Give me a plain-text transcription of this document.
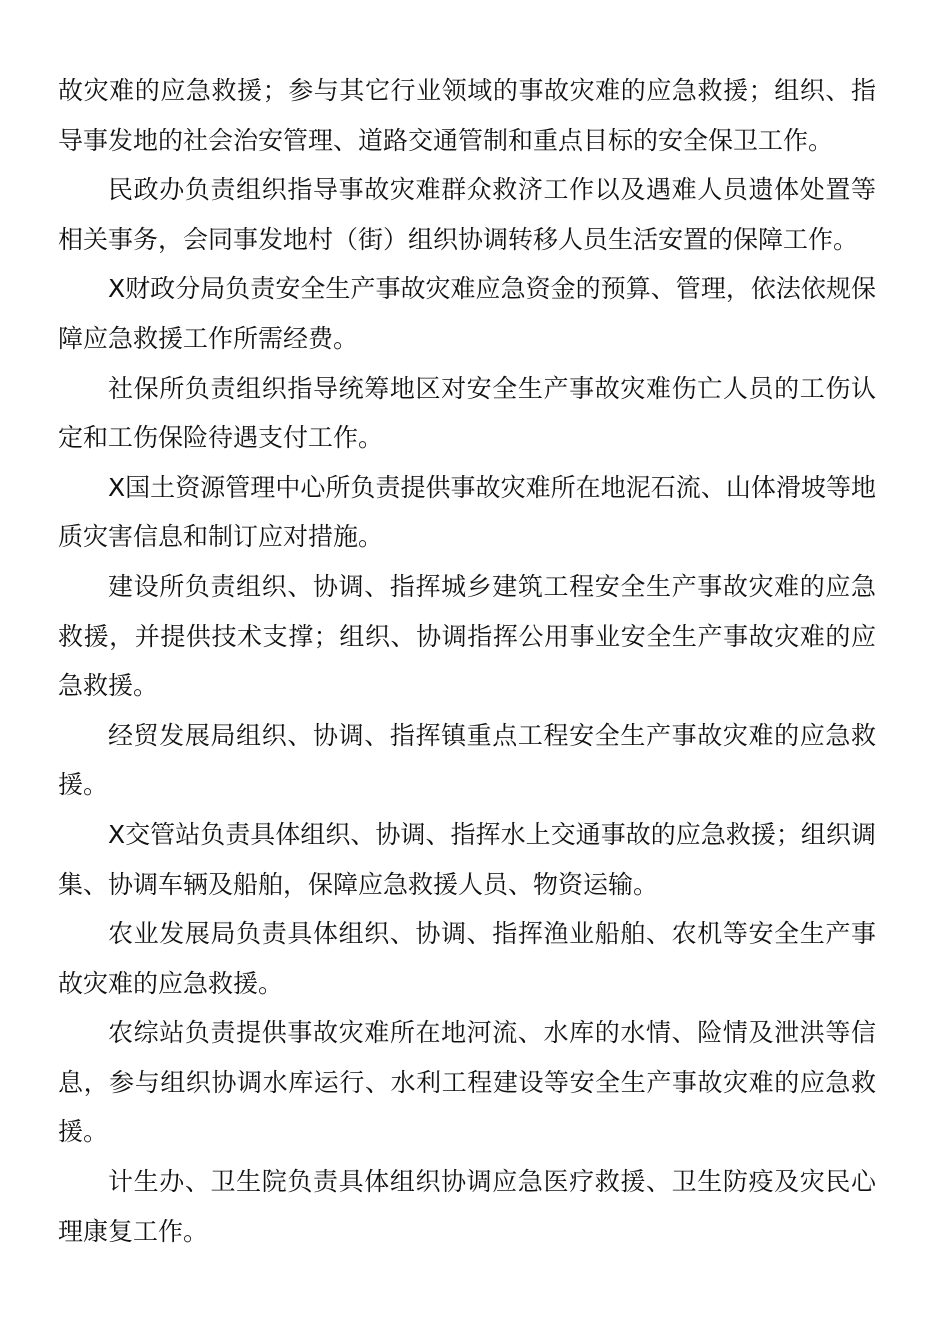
故灾难的应急救援；参与其它行业领域的事故灾难的应急救援；组织、指导事发地的社会治安管理、道路交通管制和重点目标的安全保卫工作。

民政办负责组织指导事故灾难群众救济工作以及遇难人员遗体处置等相关事务，会同事发地村（街）组织协调转移人员生活安置的保障工作。

X财政分局负责安全生产事故灾难应急资金的预算、管理，依法依规保障应急救援工作所需经费。

社保所负责组织指导统筹地区对安全生产事故灾难伤亡人员的工伤认定和工伤保险待遇支付工作。

X国土资源管理中心所负责提供事故灾难所在地泥石流、山体滑坡等地质灾害信息和制订应对措施。

建设所负责组织、协调、指挥城乡建筑工程安全生产事故灾难的应急救援，并提供技术支撑；组织、协调指挥公用事业安全生产事故灾难的应急救援。

经贸发展局组织、协调、指挥镇重点工程安全生产事故灾难的应急救援。

X交管站负责具体组织、协调、指挥水上交通事故的应急救援；组织调集、协调车辆及船舶，保障应急救援人员、物资运输。

农业发展局负责具体组织、协调、指挥渔业船舶、农机等安全生产事故灾难的应急救援。

农综站负责提供事故灾难所在地河流、水库的水情、险情及泄洪等信息，参与组织协调水库运行、水利工程建设等安全生产事故灾难的应急救援。

计生办、卫生院负责具体组织协调应急医疗救援、卫生防疫及灾民心理康复工作。
